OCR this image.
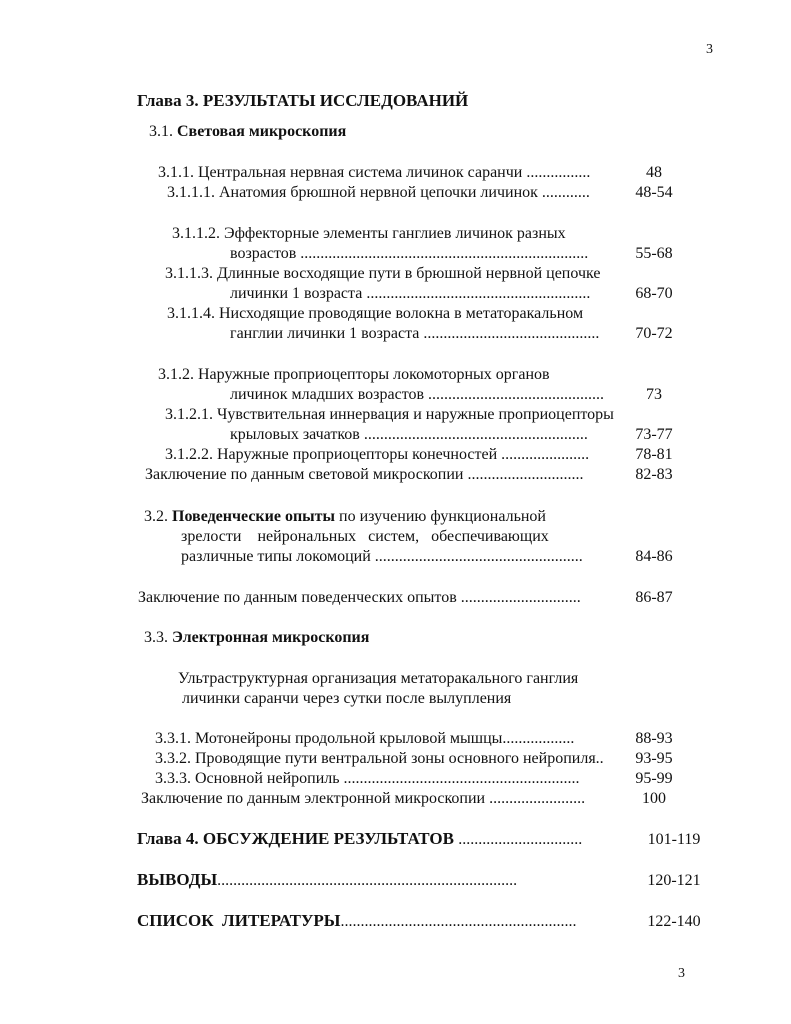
3
3
Глава 3. РЕЗУЛЬТАТЫ ИССЛЕДОВАНИЙ
3.1. Световая микроскопия
3.1.1. Центральная нервная система личинок саранчи ................	48
3.1.1.1. Анатомия брюшной нервной цепочки личинок ............	48-54
3.1.1.2. Эффекторные элементы ганглиев личинок разных
возрастов ........................................................................	55-68
3.1.1.3. Длинные восходящие пути в брюшной нервной цепочке
личинки 1 возраста ........................................................	68-70
3.1.1.4. Нисходящие проводящие волокна в метаторакальном
ганглии личинки 1 возраста ............................................	70-72
3.1.2. Наружные проприоцепторы локомоторных органов
личинок младших возрастов ............................................	73
3.1.2.1. Чувствительная иннервация и наружные проприоцепторы
крыловых зачатков ........................................................	73-77
3.1.2.2. Наружные проприоцепторы конечностей ......................	78-81
Заключение по данным световой микроскопии .............................	82-83
3.2. Поведенческие опыты по изучению функциональной
зрелости    нейрональных   систем,   обеспечивающих
различные типы локомоций ....................................................	84-86
Заключение по данным поведенческих опытов ..............................	86-87
3.3. Электронная микроскопия
Ультраструктурная организация метаторакального ганглия
личинки саранчи через сутки после вылупления
3.3.1. Мотонейроны продольной крыловой мышцы..................	88-93
3.3.2. Проводящие пути вентральной зоны основного нейропиля..	93-95
3.3.3. Основной нейропиль ...........................................................	95-99
Заключение по данным электронной микроскопии ........................	100
Глава 4. ОБСУЖДЕНИЕ РЕЗУЛЬТАТОВ ...............................	101-119
ВЫВОДЫ...........................................................................	120-121
СПИСОК  ЛИТЕРАТУРЫ...........................................................	122-140
